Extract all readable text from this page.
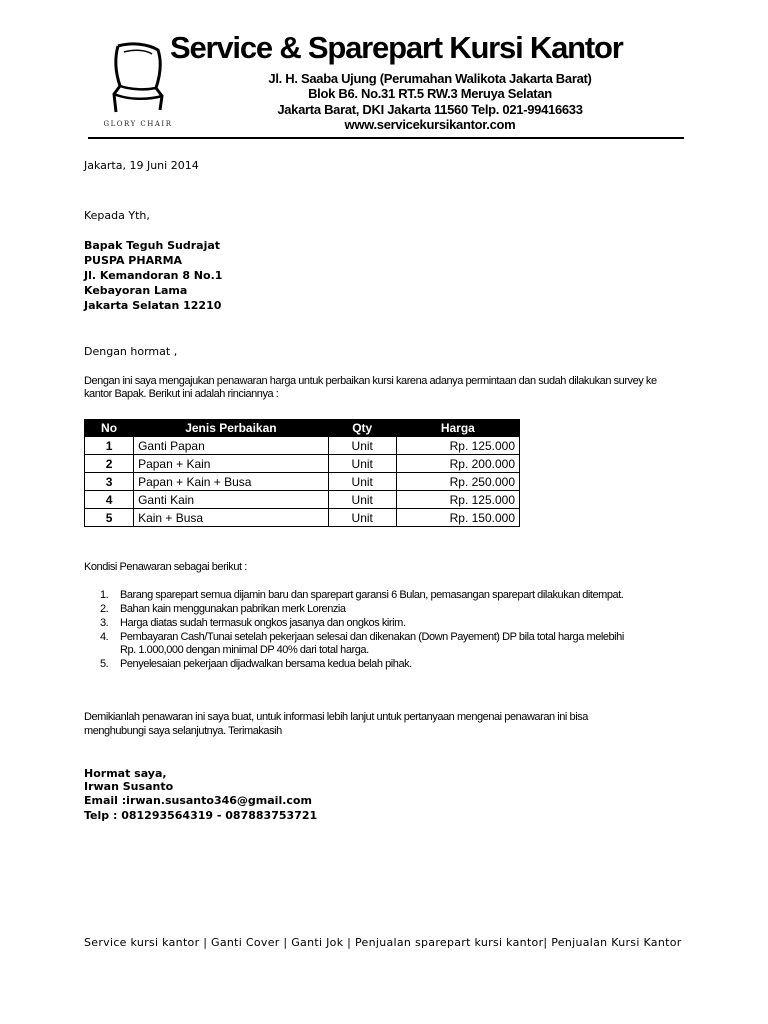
GLORY CHAIR
Service & Sparepart Kursi Kantor
Jl. H. Saaba Ujung (Perumahan Walikota Jakarta Barat)
Blok B6. No.31 RT.5 RW.3 Meruya Selatan
Jakarta Barat, DKI Jakarta 11560 Telp. 021-99416633
www.servicekursikantor.com
Jakarta, 19 Juni 2014
Kepada Yth,
Bapak Teguh Sudrajat
PUSPA PHARMA
Jl. Kemandoran 8 No.1
Kebayoran Lama
Jakarta Selatan 12210
Dengan hormat ,
Dengan ini saya mengajukan penawaran harga untuk perbaikan kursi karena adanya permintaan dan sudah dilakukan survey ke
kantor Bapak. Berikut ini adalah rinciannya :
No	Jenis Perbaikan	Qty	Harga
1	Ganti Papan	Unit	Rp. 125.000
2	Papan + Kain	Unit	Rp. 200.000
3	Papan + Kain + Busa	Unit	Rp. 250.000
4	Ganti Kain	Unit	Rp. 125.000
5	Kain + Busa	Unit	Rp. 150.000
Kondisi Penawaran sebagai berikut :
1. Barang sparepart semua dijamin baru dan sparepart garansi 6 Bulan, pemasangan sparepart dilakukan ditempat.
2. Bahan kain menggunakan pabrikan merk Lorenzia
3. Harga diatas sudah termasuk ongkos jasanya dan ongkos kirim.
4. Pembayaran Cash/Tunai setelah pekerjaan selesai dan dikenakan (Down Payement) DP bila total harga melebihi
Rp. 1.000,000 dengan minimal DP 40% dari total harga.
5. Penyelesaian pekerjaan dijadwalkan bersama kedua belah pihak.
Demikianlah penawaran ini saya buat, untuk informasi lebih lanjut untuk pertanyaan mengenai penawaran ini bisa
menghubungi saya selanjutnya. Terimakasih
Hormat saya,
Irwan Susanto
Email :irwan.susanto346@gmail.com
Telp : 081293564319 - 087883753721
Service kursi kantor | Ganti Cover | Ganti Jok | Penjualan sparepart kursi kantor| Penjualan Kursi Kantor
